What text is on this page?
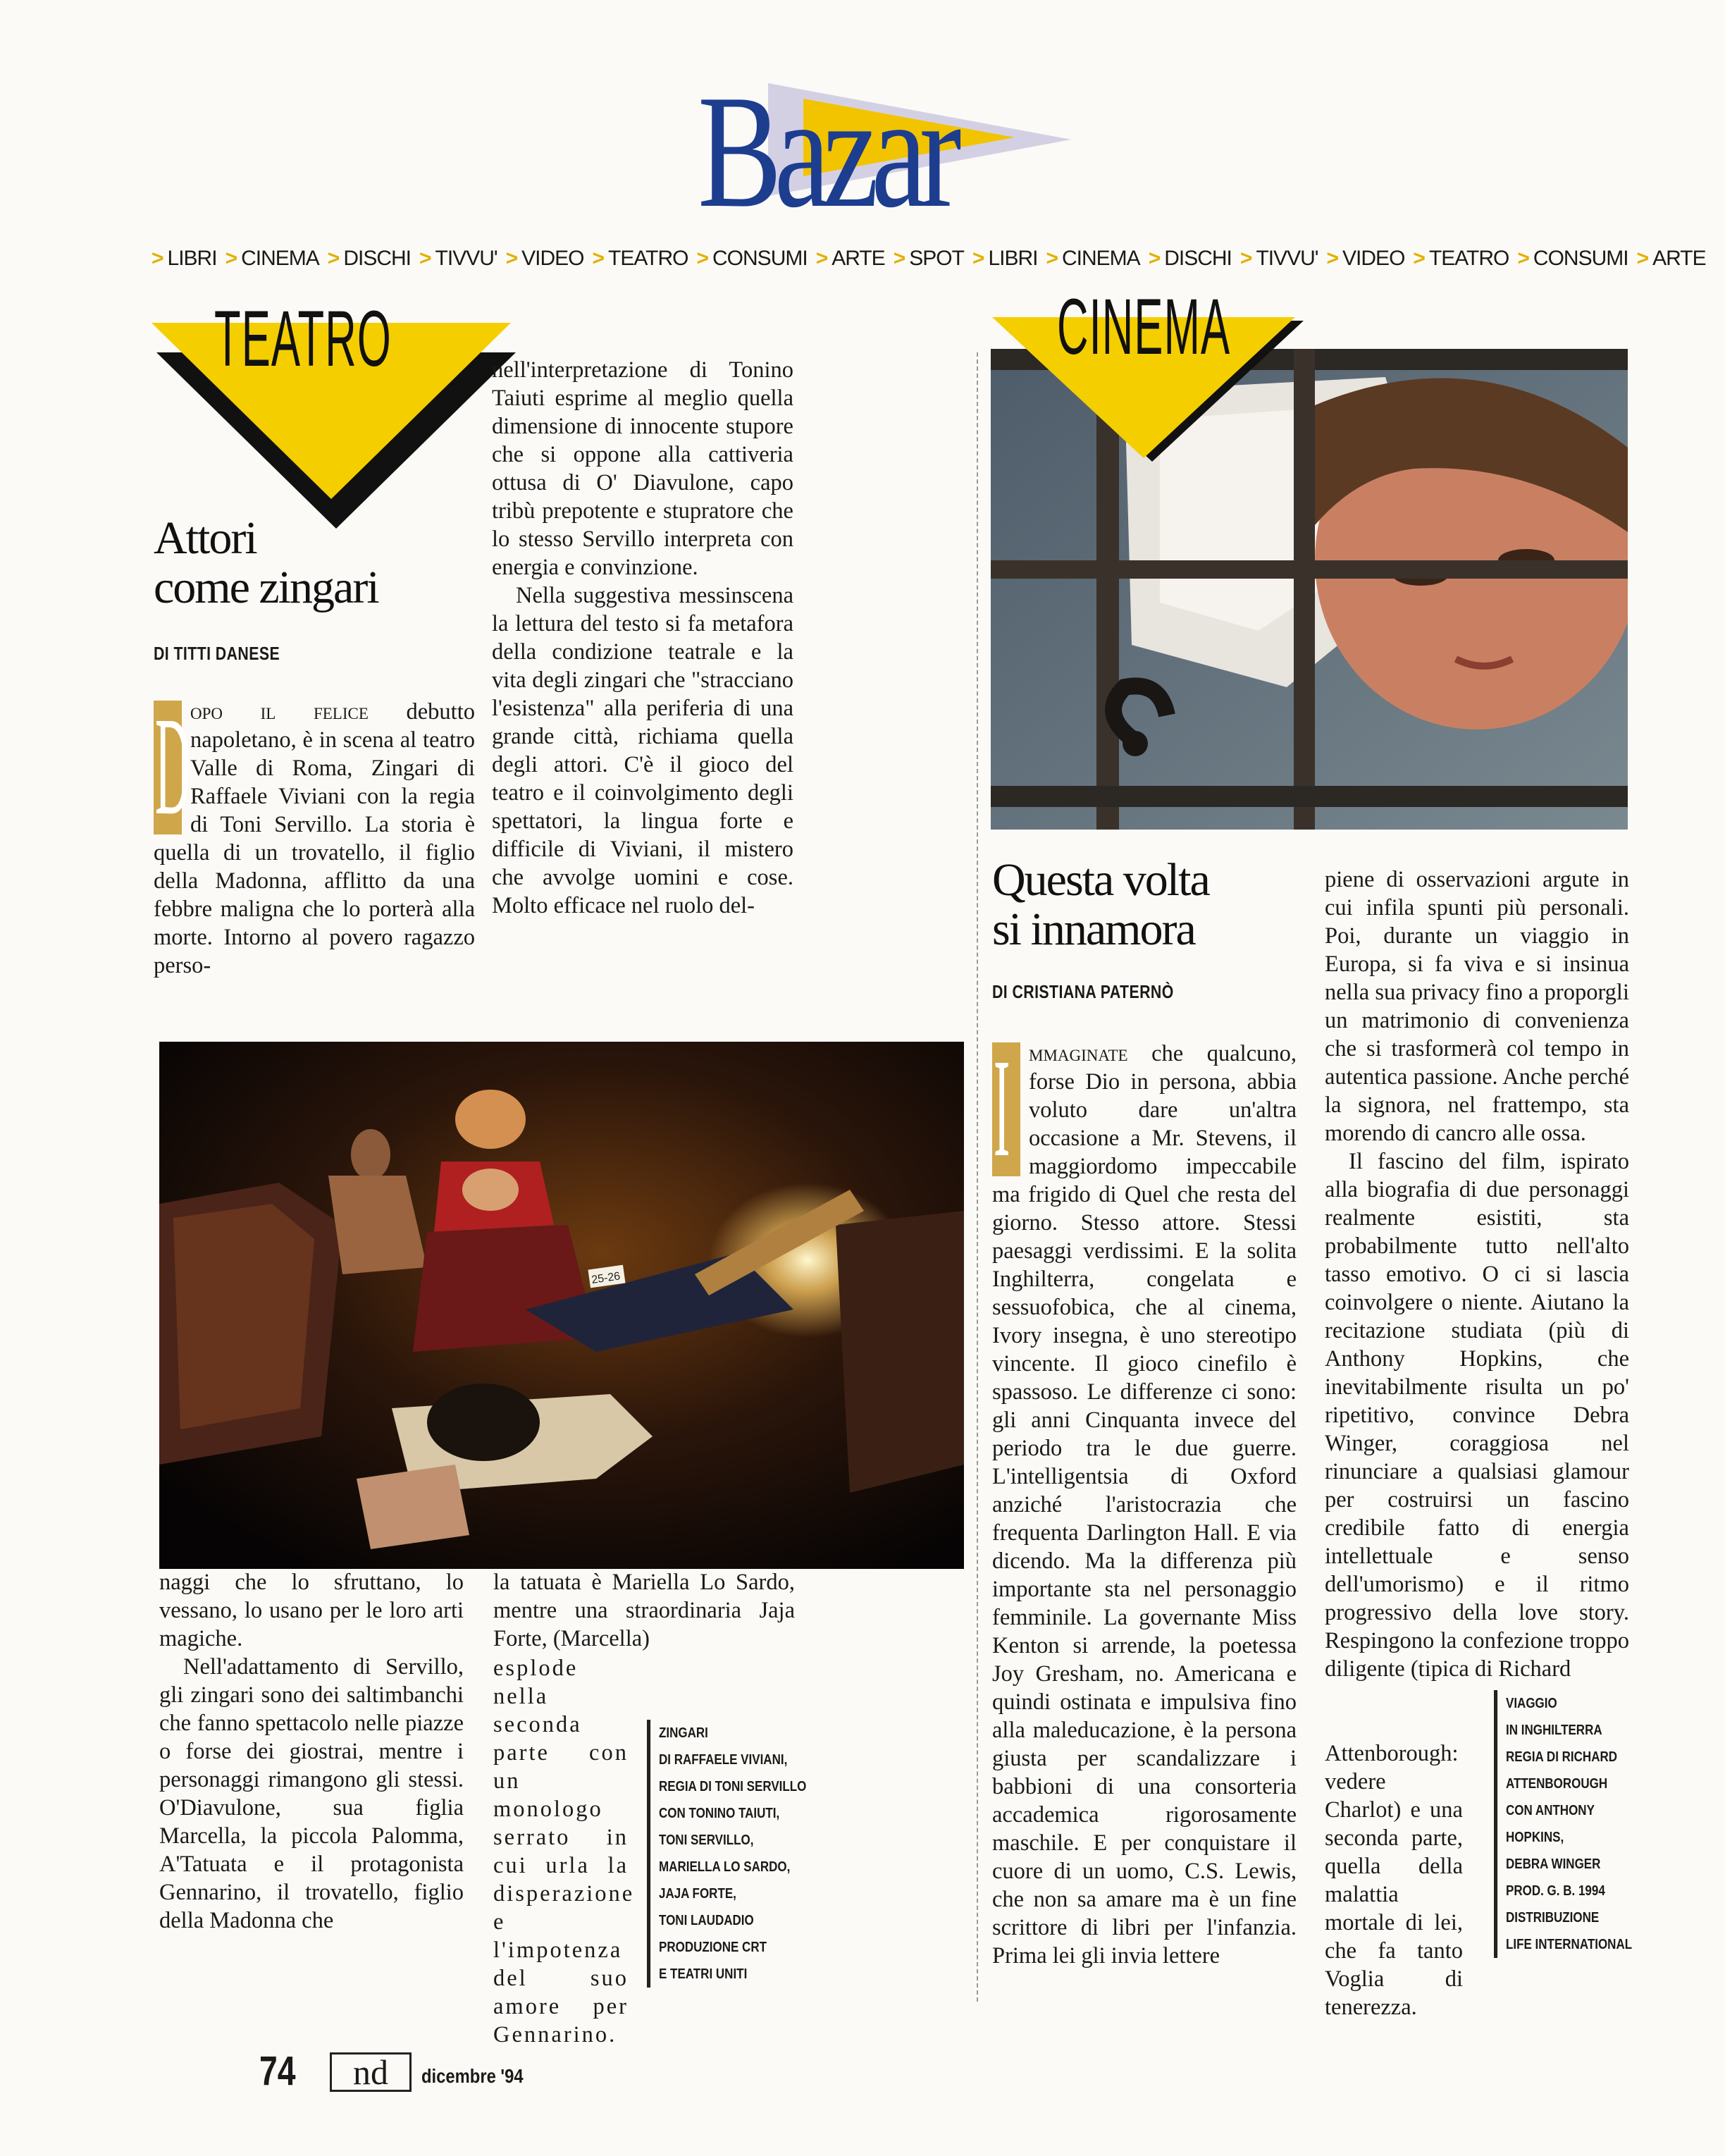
Bazar
> LIBRI > CINEMA > DISCHI > TIVVU' > VIDEO > TEATRO > CONSUMI > ARTE > SPOT > LIBRI > CINEMA > DISCHI > TIVVU' > VIDEO > TEATRO > CONSUMI > ARTE
TEATRO
Attori
come zingari
DI TITTI DANESE

D opo il felice debutto napoletano, è in scena al teatro Valle di Roma, Zingari di Raffaele Viviani con la regia di Toni Servillo. La storia è quella di un trovatello, il figlio della Madonna, afflitto da una febbre maligna che lo porterà alla morte. Intorno al povero ragazzo perso-

nell'interpretazione di Tonino Taiuti esprime al meglio quella dimensione di innocente stupore che si oppone alla cattiveria ottusa di O' Diavulone, capo tribù prepotente e stupratore che lo stesso Servillo interpreta con energia e convinzione.

Nella suggestiva messinscena la lettura del testo si fa metafora della condizione teatrale e la vita degli zingari che "stracciano l'esistenza" alla periferia di una grande città, richiama quella degli attori. C'è il gioco del teatro e il coinvolgimento degli spettatori, la lingua forte e difficile di Viviani, il mistero che avvolge uomini e cose. Molto efficace nel ruolo del-

25-26

naggi che lo sfruttano, lo vessano, lo usano per le loro arti magiche.

Nell'adattamento di Servillo, gli zingari sono dei saltimbanchi che fanno spettacolo nelle piazze o forse dei giostrai, mentre i personaggi rimangono gli stessi. O'Diavulone, sua figlia Marcella, la piccola Palomma, A'Tatuata e il protagonista Gennarino, il trovatello, figlio della Madonna che

la tatuata è Mariella Lo Sardo, mentre una straordinaria Jaja Forte, (Marcella)

esplode nella seconda parte con un monologo serrato in cui urla la disperazione e l'impotenza del suo amore per Gennarino.

ZINGARI
DI RAFFAELE VIVIANI,
REGIA DI TONI SERVILLO
CON TONINO TAIUTI,
TONI SERVILLO,
MARIELLA LO SARDO,
JAJA FORTE,
TONI LAUDADIO
PRODUZIONE CRT
E TEATRI UNITI
CINEMA
Questa volta
si innamora
DI CRISTIANA PATERNÒ

I mmaginate che qualcuno, forse Dio in persona, abbia voluto dare un'altra occasione a Mr. Stevens, il maggiordomo impeccabile ma frigido di Quel che resta del giorno. Stesso attore. Stessi paesaggi verdissimi. E la solita Inghilterra, congelata e sessuofobica, che al cinema, Ivory insegna, è uno stereotipo vincente. Il gioco cinefilo è spassoso. Le differenze ci sono: gli anni Cinquanta invece del periodo tra le due guerre. L'intelligentsia di Oxford anziché l'aristocrazia che frequenta Darlington Hall. E via dicendo. Ma la differenza più importante sta nel personaggio femminile. La governante Miss Kenton si arrende, la poetessa Joy Gresham, no. Americana e quindi ostinata e impulsiva fino alla maleducazione, è la persona giusta per scandalizzare i babbioni di una consorteria accademica rigorosamente maschile. E per conquistare il cuore di un uomo, C.S. Lewis, che non sa amare ma è un fine scrittore di libri per l'infanzia. Prima lei gli invia lettere

piene di osservazioni argute in cui infila spunti più personali. Poi, durante un viaggio in Europa, si fa viva e si insinua nella sua privacy fino a proporgli un matrimonio di convenienza che si trasformerà col tempo in autentica passione. Anche perché la signora, nel frattempo, sta morendo di cancro alle ossa.

Il fascino del film, ispirato alla biografia di due personaggi realmente esistiti, sta probabilmente tutto nell'alto tasso emotivo. O ci si lascia coinvolgere o niente. Aiutano la recitazione studiata (più di Anthony Hopkins, che inevitabilmente risulta un po' ripetitivo, convince Debra Winger, coraggiosa nel rinunciare a qualsiasi glamour per costruirsi un fascino credibile fatto di energia intellettuale e senso dell'umorismo) e il ritmo progressivo della love story. Respingono la confezione troppo diligente (tipica di Richard

Attenborough: vedere Charlot) e una seconda parte, quella della malattia mortale di lei, che fa tanto Voglia di tenerezza.

VIAGGIO
IN INGHILTERRA
REGIA DI RICHARD
ATTENBOROUGH
CON ANTHONY
HOPKINS,
DEBRA WINGER
PROD. G. B. 1994
DISTRIBUZIONE
LIFE INTERNATIONAL
74 nd dicembre '94
